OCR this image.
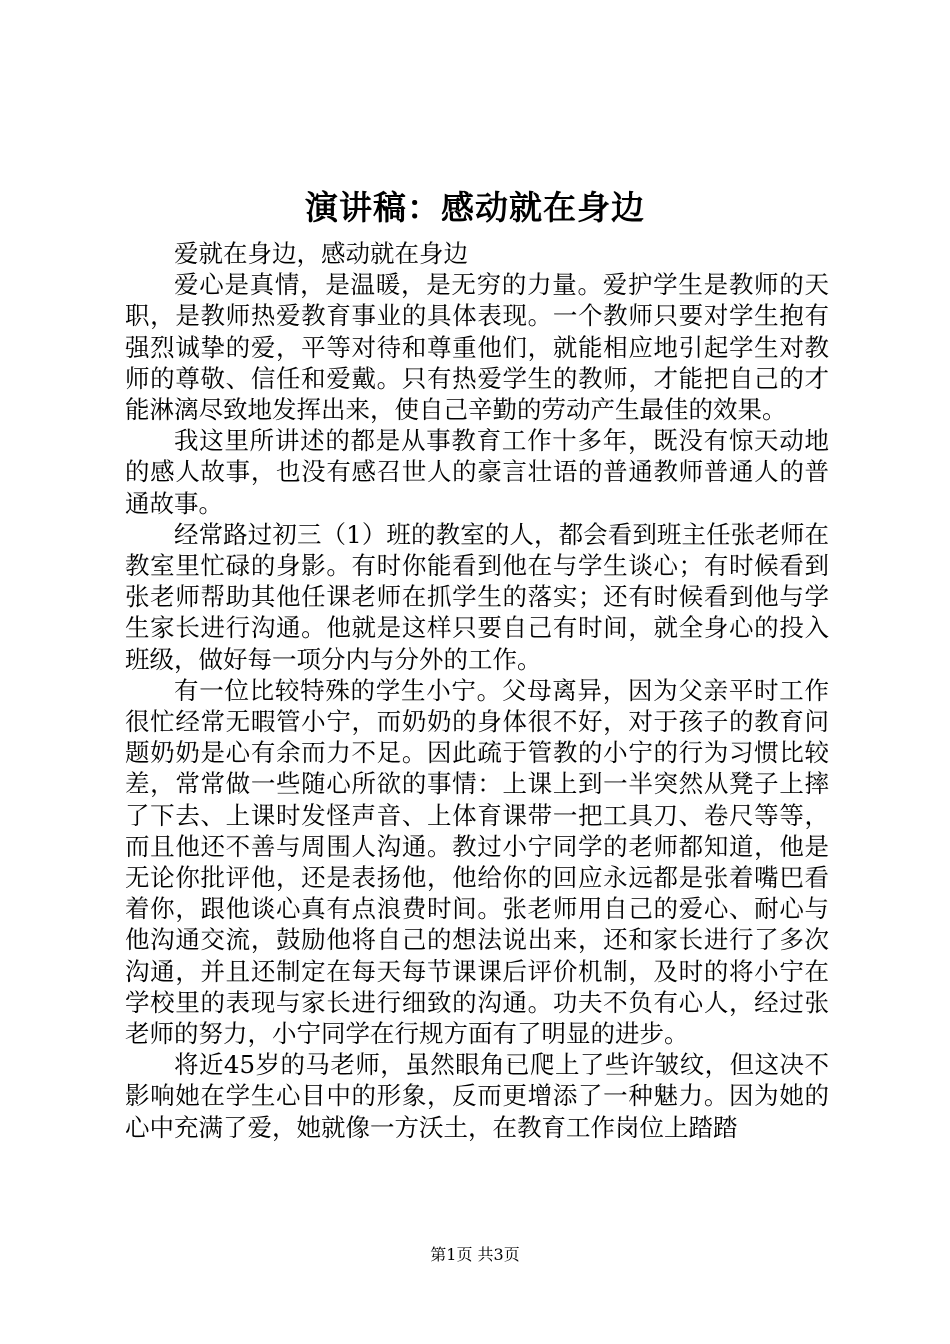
演讲稿：感动就在身边

爱就在身边，感动就在身边

爱心是真情，是温暖，是无穷的力量。爱护学生是教师的天职，是教师热爱教育事业的具体表现。一个教师只要对学生抱有强烈诚挚的爱，平等对待和尊重他们，就能相应地引起学生对教师的尊敬、信任和爱戴。只有热爱学生的教师，才能把自己的才能淋漓尽致地发挥出来，使自己辛勤的劳动产生最佳的效果。

我这里所讲述的都是从事教育工作十多年，既没有惊天动地的感人故事，也没有感召世人的豪言壮语的普通教师普通人的普通故事。

经常路过初三（1）班的教室的人，都会看到班主任张老师在教室里忙碌的身影。有时你能看到他在与学生谈心；有时候看到张老师帮助其他任课老师在抓学生的落实；还有时候看到他与学生家长进行沟通。他就是这样只要自己有时间，就全身心的投入班级，做好每一项分内与分外的工作。

有一位比较特殊的学生小宁。父母离异，因为父亲平时工作很忙经常无暇管小宁，而奶奶的身体很不好，对于孩子的教育问题奶奶是心有余而力不足。因此疏于管教的小宁的行为习惯比较差，常常做一些随心所欲的事情：上课上到一半突然从凳子上摔了下去、上课时发怪声音、上体育课带一把工具刀、卷尺等等，而且他还不善与周围人沟通。教过小宁同学的老师都知道，他是无论你批评他，还是表扬他，他给你的回应永远都是张着嘴巴看着你，跟他谈心真有点浪费时间。张老师用自己的爱心、耐心与他沟通交流，鼓励他将自己的想法说出来，还和家长进行了多次沟通，并且还制定在每天每节课课后评价机制，及时的将小宁在学校里的表现与家长进行细致的沟通。功夫不负有心人，经过张老师的努力，小宁同学在行规方面有了明显的进步。

将近45岁的马老师，虽然眼角已爬上了些许皱纹，但这决不影响她在学生心目中的形象，反而更增添了一种魅力。因为她的心中充满了爱，她就像一方沃土，在教育工作岗位上踏踏

第1页 共3页
